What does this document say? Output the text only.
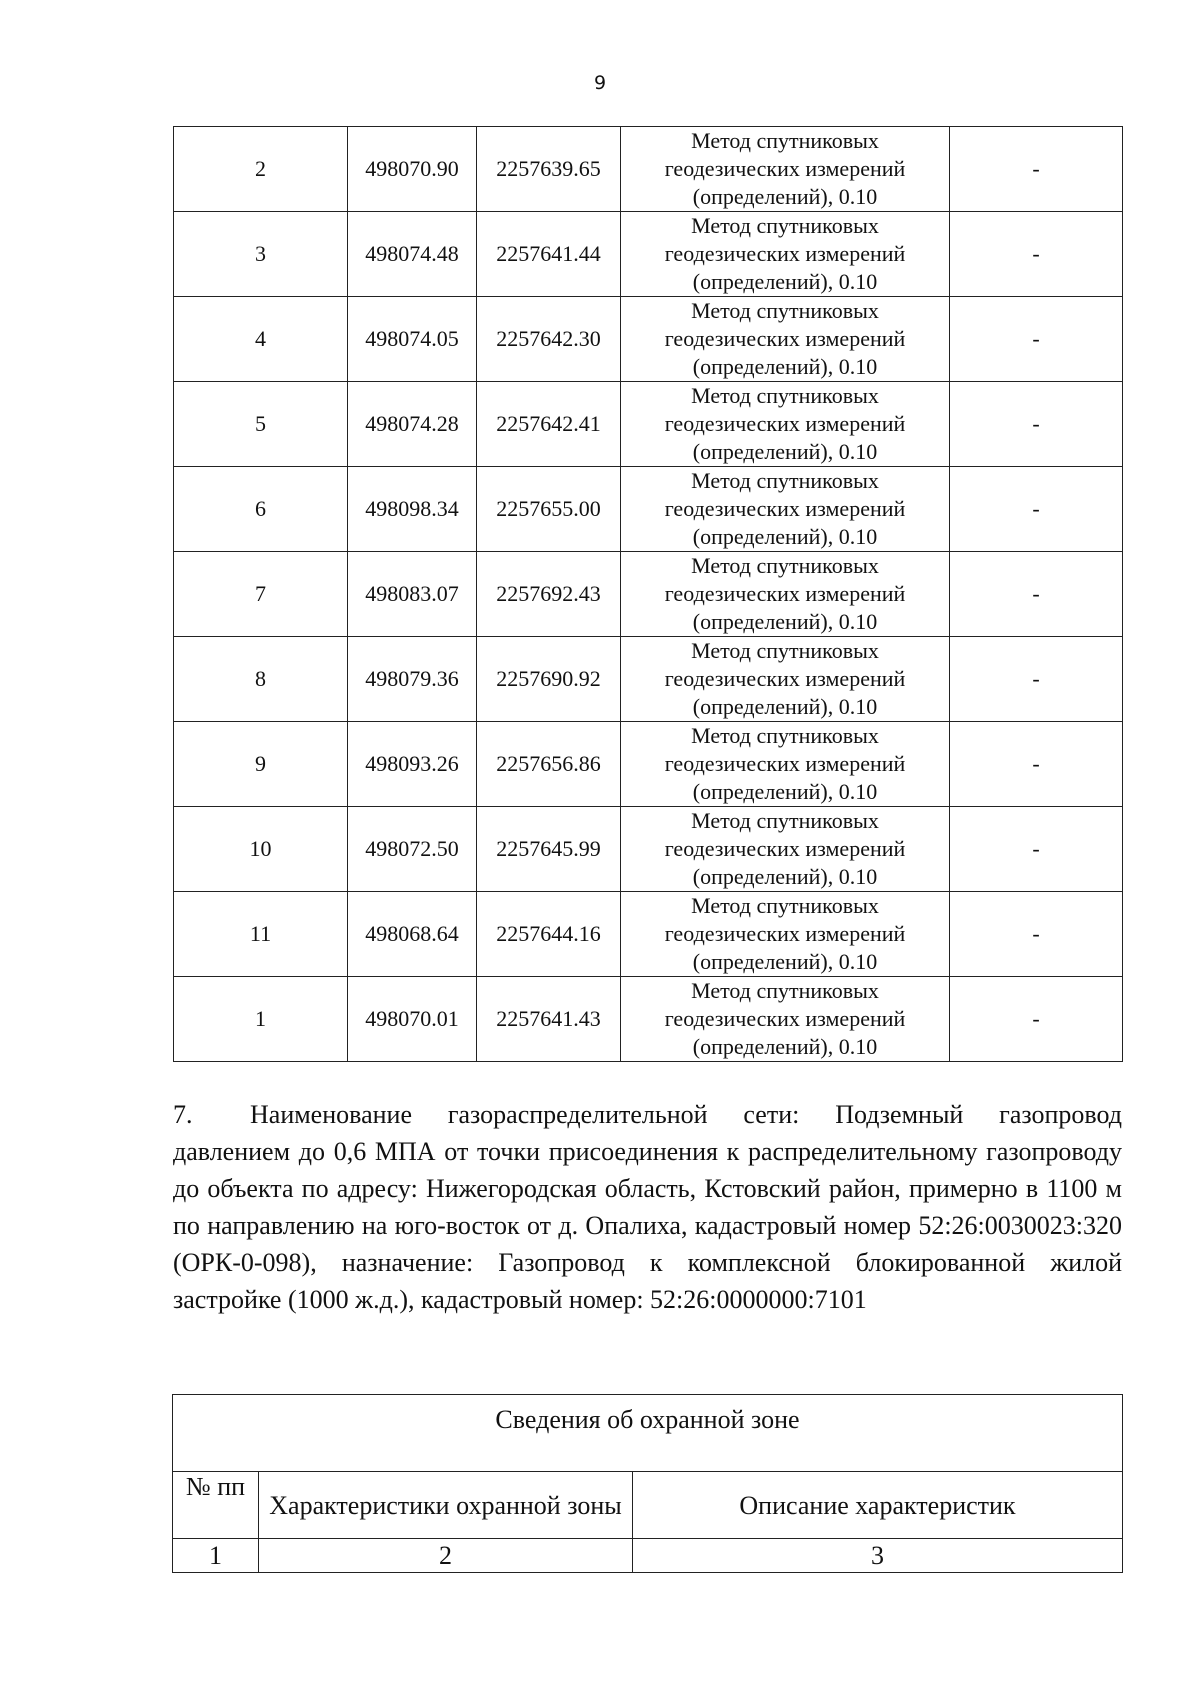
9
2	498070.90	2257639.65	Метод спутниковых
геодезических измерений
(определений), 0.10	-
3	498074.48	2257641.44	Метод спутниковых
геодезических измерений
(определений), 0.10	-
4	498074.05	2257642.30	Метод спутниковых
геодезических измерений
(определений), 0.10	-
5	498074.28	2257642.41	Метод спутниковых
геодезических измерений
(определений), 0.10	-
6	498098.34	2257655.00	Метод спутниковых
геодезических измерений
(определений), 0.10	-
7	498083.07	2257692.43	Метод спутниковых
геодезических измерений
(определений), 0.10	-
8	498079.36	2257690.92	Метод спутниковых
геодезических измерений
(определений), 0.10	-
9	498093.26	2257656.86	Метод спутниковых
геодезических измерений
(определений), 0.10	-
10	498072.50	2257645.99	Метод спутниковых
геодезических измерений
(определений), 0.10	-
11	498068.64	2257644.16	Метод спутниковых
геодезических измерений
(определений), 0.10	-
1	498070.01	2257641.43	Метод спутниковых
геодезических измерений
(определений), 0.10	-
7. Наименование газораспределительной сети: Подземный газопровод давлением до 0,6 МПА от точки присоединения к распределительному газопроводу до объекта по адресу: Нижегородская область, Кстовский район, примерно в 1100 м по направлению на юго-восток от д. Опалиха, кадастровый номер 52:26:0030023:320 (ОРК-0-098), назначение: Газопровод к комплексной блокированной жилой застройке (1000 ж.д.), кадастровый номер: 52:26:0000000:7101
Сведения об охранной зоне		
№ пп	Характеристики охранной зоны	Описание характеристик
1	2	3
